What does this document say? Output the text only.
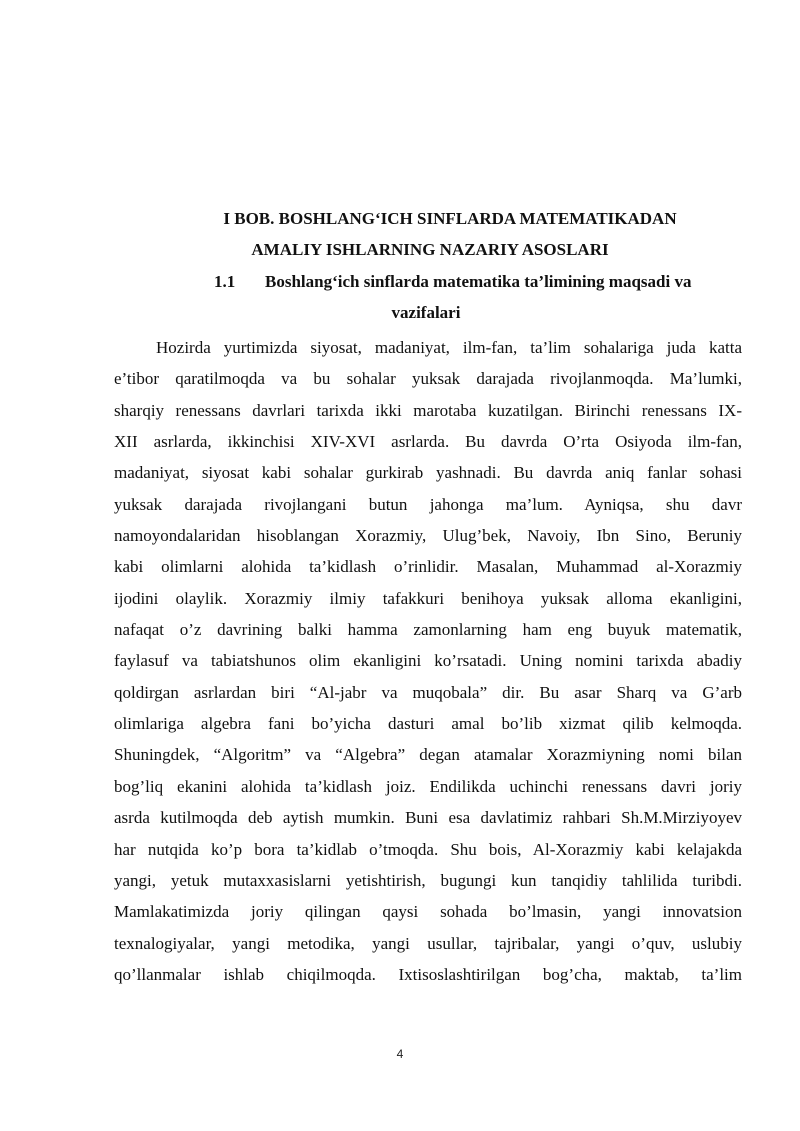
I BOB. BOSHLANG‘ICH SINFLARDA MATEMATIKADAN
AMALIY ISHLARNING NAZARIY ASOSLARI
1.1 Boshlang‘ich sinflarda matematika ta’limining maqsadi va
vazifalari
Hozirda yurtimizda siyosat, madaniyat, ilm-fan, ta’lim sohalariga juda katta
e’tibor qaratilmoqda va bu sohalar yuksak darajada rivojlanmoqda. Ma’lumki,
sharqiy renessans davrlari tarixda ikki marotaba kuzatilgan. Birinchi renessans IX-
XII asrlarda, ikkinchisi XIV-XVI asrlarda. Bu davrda O’rta Osiyoda ilm-fan,
madaniyat, siyosat kabi sohalar gurkirab yashnadi. Bu davrda aniq fanlar sohasi
yuksak darajada rivojlangani butun jahonga ma’lum. Ayniqsa, shu davr
namoyondalaridan hisoblangan Xorazmiy, Ulug’bek, Navoiy, Ibn Sino, Beruniy
kabi olimlarni alohida ta’kidlash o’rinlidir. Masalan, Muhammad al-Xorazmiy
ijodini olaylik. Xorazmiy ilmiy tafakkuri benihoya yuksak alloma ekanligini,
nafaqat o’z davrining balki hamma zamonlarning ham eng buyuk matematik,
faylasuf va tabiatshunos olim ekanligini ko’rsatadi. Uning nomini tarixda abadiy
qoldirgan asrlardan biri “Al-jabr va muqobala” dir. Bu asar Sharq va G’arb
olimlariga algebra fani bo’yicha dasturi amal bo’lib xizmat qilib kelmoqda.
Shuningdek, “Algoritm” va “Algebra” degan atamalar Xorazmiyning nomi bilan
bog’liq ekanini alohida ta’kidlash joiz. Endilikda uchinchi renessans davri joriy
asrda kutilmoqda deb aytish mumkin. Buni esa davlatimiz rahbari Sh.M.Mirziyoyev
har nutqida ko’p bora ta’kidlab o’tmoqda. Shu bois, Al-Xorazmiy kabi kelajakda
yangi, yetuk mutaxxasislarni yetishtirish, bugungi kun tanqidiy tahlilida turibdi.
Mamlakatimizda joriy qilingan qaysi sohada bo’lmasin, yangi innovatsion
texnalogiyalar, yangi metodika, yangi usullar, tajribalar, yangi o’quv, uslubiy
qo’llanmalar ishlab chiqilmoqda. Ixtisoslashtirilgan bog’cha, maktab, ta’lim
4
